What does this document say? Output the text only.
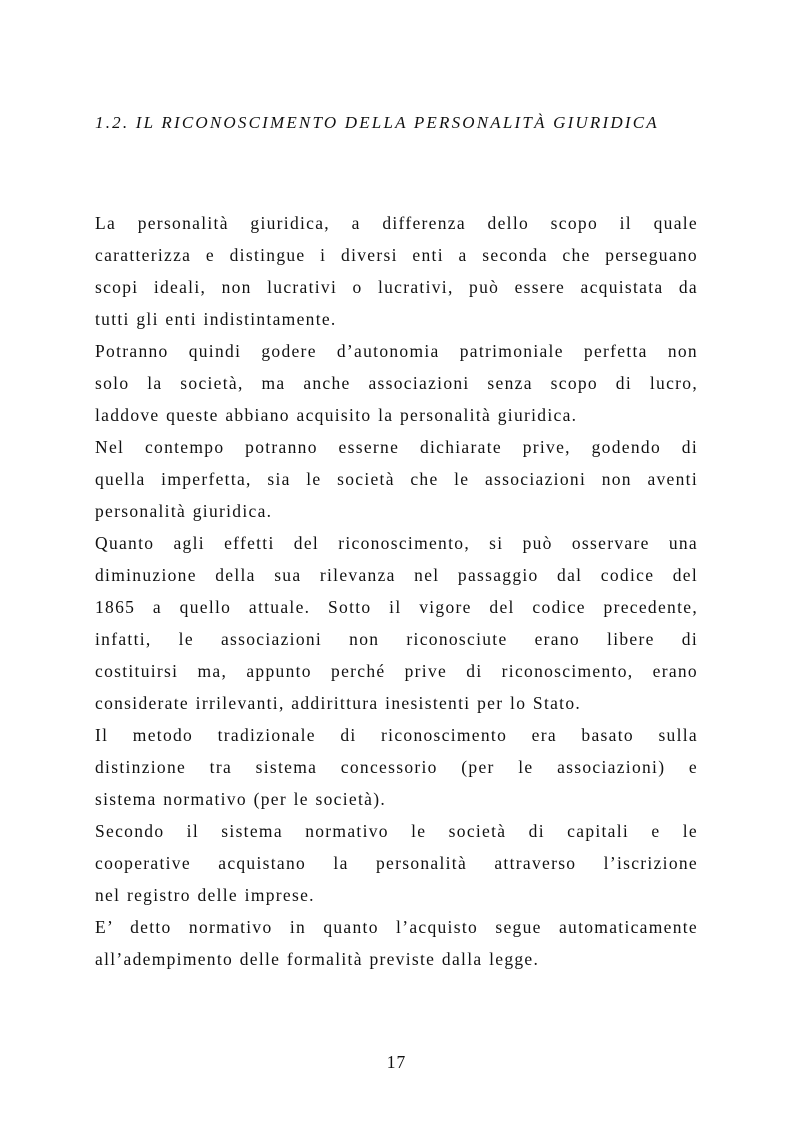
1.2. IL RICONOSCIMENTO DELLA PERSONALITÀ GIURIDICA
La personalità giuridica, a differenza dello scopo il quale
caratterizza e distingue i diversi enti a seconda che perseguano
scopi ideali, non lucrativi o lucrativi, può essere acquistata da
tutti gli enti indistintamente.
Potranno quindi godere d’autonomia patrimoniale perfetta non
solo la società, ma anche associazioni senza scopo di lucro,
laddove queste abbiano acquisito la personalità giuridica.
Nel contempo potranno esserne dichiarate prive, godendo di
quella imperfetta, sia le società che le associazioni non aventi
personalità giuridica.
Quanto agli effetti del riconoscimento, si può osservare una
diminuzione della sua rilevanza nel passaggio dal codice del
1865 a quello attuale. Sotto il vigore del codice precedente,
infatti, le associazioni non riconosciute erano libere di
costituirsi ma, appunto perché prive di riconoscimento, erano
considerate irrilevanti, addirittura inesistenti per lo Stato.
Il metodo tradizionale di riconoscimento era basato sulla
distinzione tra sistema concessorio (per le associazioni) e
sistema normativo (per le società).
Secondo il sistema normativo le società di capitali e le
cooperative acquistano la personalità attraverso l’iscrizione
nel registro delle imprese.
E’ detto normativo in quanto l’acquisto segue automaticamente
all’adempimento delle formalità previste dalla legge.
17
